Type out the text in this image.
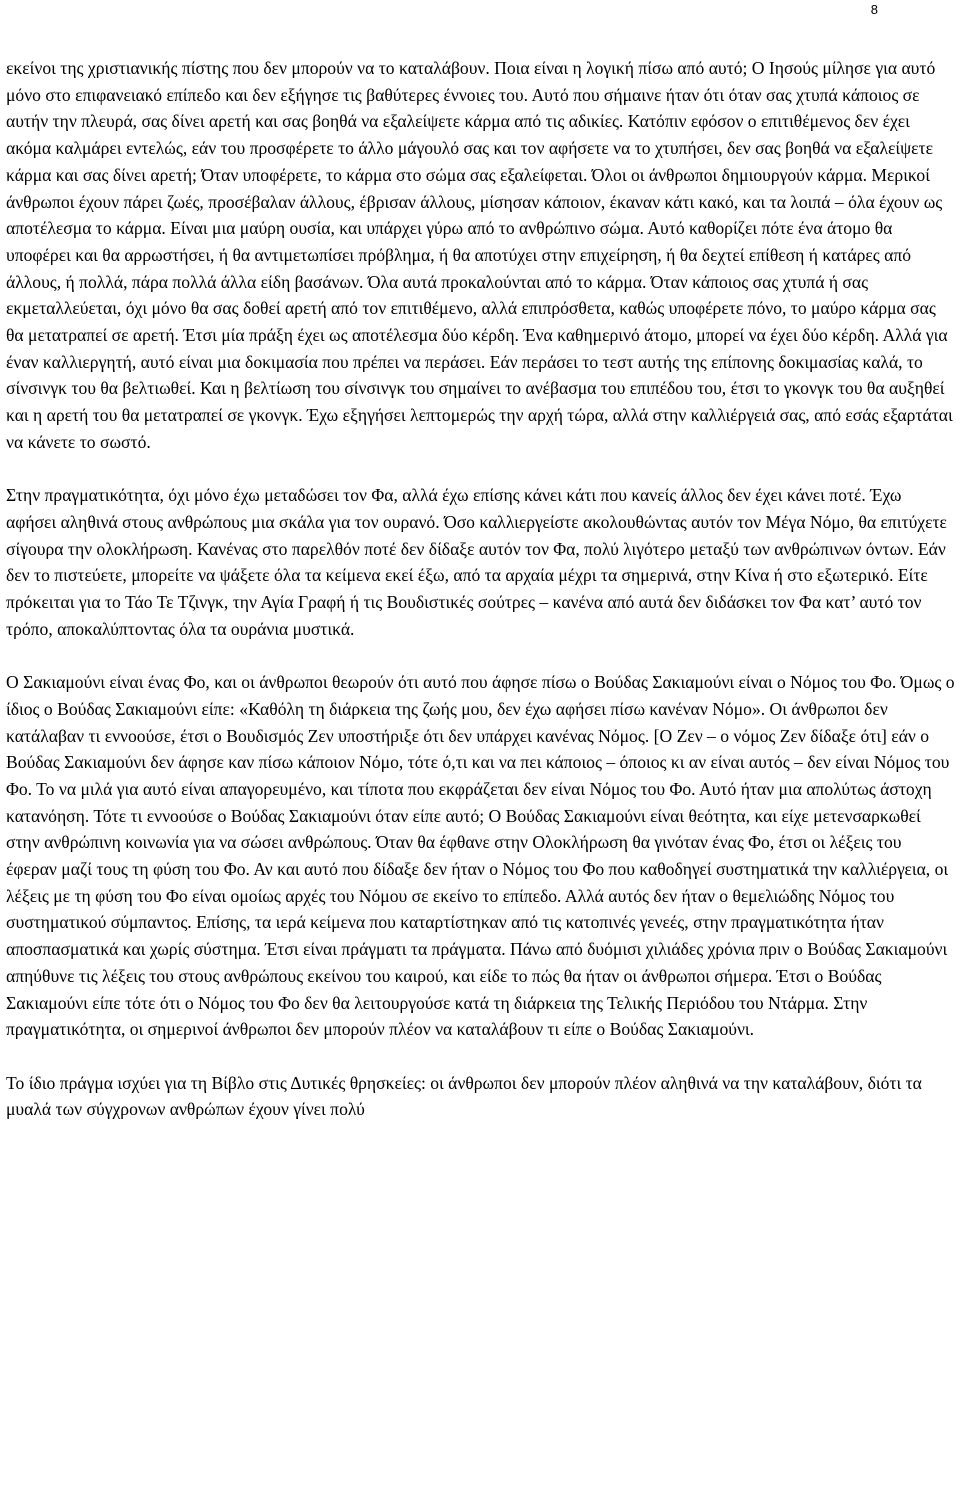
8

εκείνοι της χριστιανικής πίστης που δεν μπορούν να το καταλάβουν. Ποια είναι η λογική πίσω από αυτό; Ο Ιησούς μίλησε για αυτό μόνο στο επιφανειακό επίπεδο και δεν εξήγησε τις βαθύτερες έννοιες του. Αυτό που σήμαινε ήταν ότι όταν σας χτυπά κάποιος σε αυτήν την πλευρά, σας δίνει αρετή και σας βοηθά να εξαλείψετε κάρμα από τις αδικίες. Κατόπιν εφόσον ο επιτιθέμενος δεν έχει ακόμα καλμάρει εντελώς, εάν του προσφέρετε το άλλο μάγουλό σας και τον αφήσετε να το χτυπήσει, δεν σας βοηθά να εξαλείψετε κάρμα και σας δίνει αρετή; Όταν υποφέρετε, το κάρμα στο σώμα σας εξαλείφεται. Όλοι οι άνθρωποι δημιουργούν κάρμα. Μερικοί άνθρωποι έχουν πάρει ζωές, προσέβαλαν άλλους, έβρισαν άλλους, μίσησαν κάποιον, έκαναν κάτι κακό, και τα λοιπά – όλα έχουν ως αποτέλεσμα το κάρμα. Είναι μια μαύρη ουσία, και υπάρχει γύρω από το ανθρώπινο σώμα. Αυτό καθορίζει πότε ένα άτομο θα υποφέρει και θα αρρωστήσει, ή θα αντιμετωπίσει πρόβλημα, ή θα αποτύχει στην επιχείρηση, ή θα δεχτεί επίθεση ή κατάρες από άλλους, ή πολλά, πάρα πολλά άλλα είδη βασάνων. Όλα αυτά προκαλούνται από το κάρμα. Όταν κάποιος σας χτυπά ή σας εκμεταλλεύεται, όχι μόνο θα σας δοθεί αρετή από τον επιτιθέμενο, αλλά επιπρόσθετα, καθώς υποφέρετε πόνο, το μαύρο κάρμα σας θα μετατραπεί σε αρετή. Έτσι μία πράξη έχει ως αποτέλεσμα δύο κέρδη. Ένα καθημερινό άτομο, μπορεί να έχει δύο κέρδη. Αλλά για έναν καλλιεργητή, αυτό είναι μια δοκιμασία που πρέπει να περάσει. Εάν περάσει το τεστ αυτής της επίπονης δοκιμασίας καλά, το σίνσινγκ του θα βελτιωθεί. Και η βελτίωση του σίνσινγκ του σημαίνει το ανέβασμα του επιπέδου του, έτσι το γκονγκ του θα αυξηθεί και η αρετή του θα μετατραπεί σε γκονγκ. Έχω εξηγήσει λεπτομερώς την αρχή τώρα, αλλά στην καλλιέργειά σας, από εσάς εξαρτάται να κάνετε το σωστό.

Στην πραγματικότητα, όχι μόνο έχω μεταδώσει τον Φα, αλλά έχω επίσης κάνει κάτι που κανείς άλλος δεν έχει κάνει ποτέ. Έχω αφήσει αληθινά στους ανθρώπους μια σκάλα για τον ουρανό. Όσο καλλιεργείστε ακολουθώντας αυτόν τον Μέγα Νόμο, θα επιτύχετε σίγουρα την ολοκλήρωση. Κανένας στο παρελθόν ποτέ δεν δίδαξε αυτόν τον Φα, πολύ λιγότερο μεταξύ των ανθρώπινων όντων. Εάν δεν το πιστεύετε, μπορείτε να ψάξετε όλα τα κείμενα εκεί έξω, από τα αρχαία μέχρι τα σημερινά, στην Κίνα ή στο εξωτερικό. Είτε πρόκειται για το Τάο Τε Τζινγκ, την Αγία Γραφή ή τις Βουδιστικές σούτρες – κανένα από αυτά δεν διδάσκει τον Φα κατ’ αυτό τον τρόπο, αποκαλύπτοντας όλα τα ουράνια μυστικά.

Ο Σακιαμούνι είναι ένας Φο, και οι άνθρωποι θεωρούν ότι αυτό που άφησε πίσω ο Βούδας Σακιαμούνι είναι ο Νόμος του Φο. Όμως ο ίδιος ο Βούδας Σακιαμούνι είπε: «Καθόλη τη διάρκεια της ζωής μου, δεν έχω αφήσει πίσω κανέναν Νόμο». Οι άνθρωποι δεν κατάλαβαν τι εννοούσε, έτσι ο Βουδισμός Ζεν υποστήριξε ότι δεν υπάρχει κανένας Νόμος. [Ο Ζεν – ο νόμος Ζεν δίδαξε ότι] εάν ο Βούδας Σακιαμούνι δεν άφησε καν πίσω κάποιον Νόμο, τότε ό,τι και να πει κάποιος – όποιος κι αν είναι αυτός – δεν είναι Νόμος του Φο. Το να μιλά για αυτό είναι απαγορευμένο, και τίποτα που εκφράζεται δεν είναι Νόμος του Φο. Αυτό ήταν μια απολύτως άστοχη κατανόηση. Τότε τι εννοούσε ο Βούδας Σακιαμούνι όταν είπε αυτό; Ο Βούδας Σακιαμούνι είναι θεότητα, και είχε μετενσαρκωθεί στην ανθρώπινη κοινωνία για να σώσει ανθρώπους. Όταν θα έφθανε στην Ολοκλήρωση θα γινόταν ένας Φο, έτσι οι λέξεις του έφεραν μαζί τους τη φύση του Φο. Αν και αυτό που δίδαξε δεν ήταν ο Νόμος του Φο που καθοδηγεί συστηματικά την καλλιέργεια, οι λέξεις με τη φύση του Φο είναι ομοίως αρχές του Νόμου σε εκείνο το επίπεδο. Αλλά αυτός δεν ήταν ο θεμελιώδης Νόμος του συστηματικού σύμπαντος. Επίσης, τα ιερά κείμενα που καταρτίστηκαν από τις κατοπινές γενεές, στην πραγματικότητα ήταν αποσπασματικά και χωρίς σύστημα. Έτσι είναι πράγματι τα πράγματα. Πάνω από δυόμισι χιλιάδες χρόνια πριν ο Βούδας Σακιαμούνι απηύθυνε τις λέξεις του στους ανθρώπους εκείνου του καιρού, και είδε το πώς θα ήταν οι άνθρωποι σήμερα. Έτσι ο Βούδας Σακιαμούνι είπε τότε ότι ο Νόμος του Φο δεν θα λειτουργούσε κατά τη διάρκεια της Τελικής Περιόδου του Ντάρμα. Στην πραγματικότητα, οι σημερινοί άνθρωποι δεν μπορούν πλέον να καταλάβουν τι είπε ο Βούδας Σακιαμούνι.

Το ίδιο πράγμα ισχύει για τη Βίβλο στις Δυτικές θρησκείες: οι άνθρωποι δεν μπορούν πλέον αληθινά να την καταλάβουν, διότι τα μυαλά των σύγχρονων ανθρώπων έχουν γίνει πολύ
